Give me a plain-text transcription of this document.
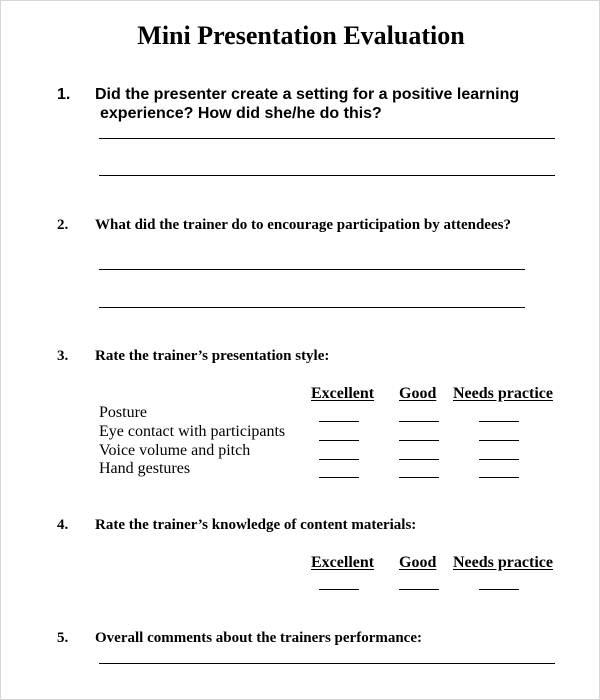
Mini Presentation Evaluation
1. Did the presenter create a setting for a positive learning
experience? How did she/he do this?
2. What did the trainer do to encourage participation by attendees?
3. Rate the trainer’s presentation style:
Excellent Good Needs practice
Posture
Eye contact with participants
Voice volume and pitch
Hand gestures
4. Rate the trainer’s knowledge of content materials:
Excellent Good Needs practice
5. Overall comments about the trainers performance:
